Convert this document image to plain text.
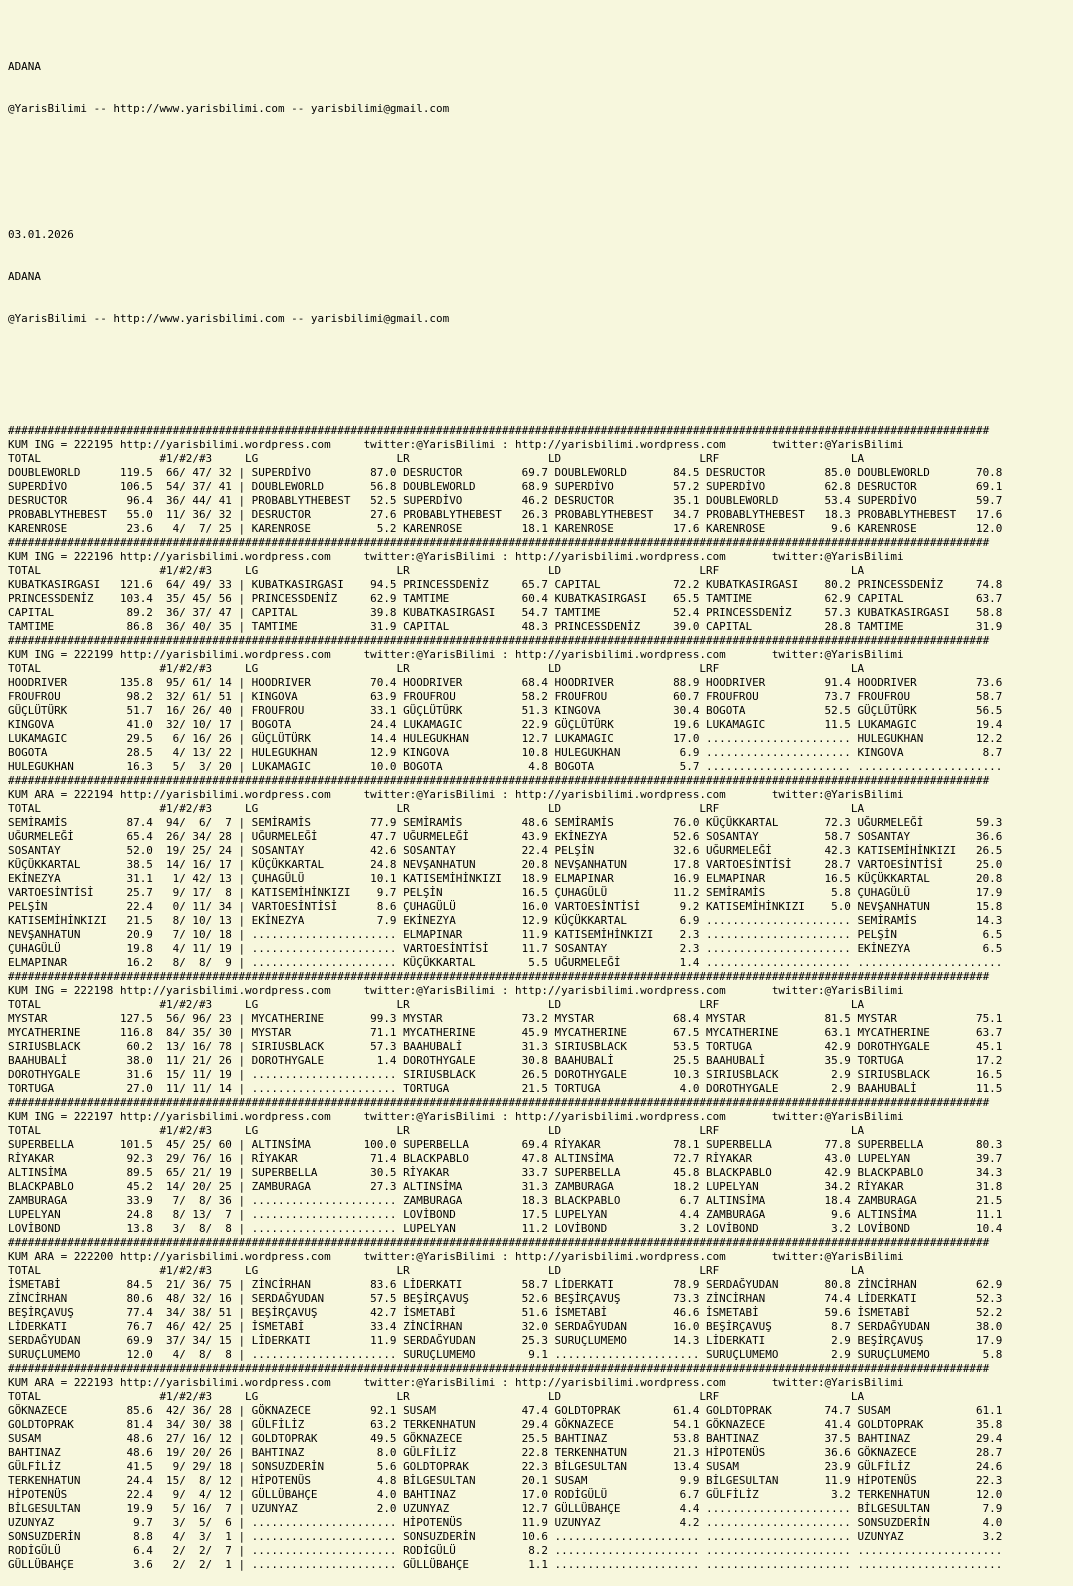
ADANA

@YarisBilimi -- http://www.yarisbilimi.com -- yarisbilimi@gmail.com

03.01.2026

ADANA

@YarisBilimi -- http://www.yarisbilimi.com -- yarisbilimi@gmail.com

#####################################################################################################################################################
KUM ING = 222195 http://yarisbilimi.wordpress.com     twitter:@YarisBilimi : http://yarisbilimi.wordpress.com       twitter:@YarisBilimi
TOTAL                  #1/#2/#3     LG                     LR                     LD                     LRF                    LA
DOUBLEWORLD      119.5  66/ 47/ 32 | SUPERDİVO         87.0 DESRUCTOR         69.7 DOUBLEWORLD       84.5 DESRUCTOR         85.0 DOUBLEWORLD       70.8
SUPERDİVO        106.5  54/ 37/ 41 | DOUBLEWORLD       56.8 DOUBLEWORLD       68.9 SUPERDİVO         57.2 SUPERDİVO         62.8 DESRUCTOR         69.1
DESRUCTOR         96.4  36/ 44/ 41 | PROBABLYTHEBEST   52.5 SUPERDİVO         46.2 DESRUCTOR         35.1 DOUBLEWORLD       53.4 SUPERDİVO         59.7
PROBABLYTHEBEST   55.0  11/ 36/ 32 | DESRUCTOR         27.6 PROBABLYTHEBEST   26.3 PROBABLYTHEBEST   34.7 PROBABLYTHEBEST   18.3 PROBABLYTHEBEST   17.6
KARENROSE         23.6   4/  7/ 25 | KARENROSE          5.2 KARENROSE         18.1 KARENROSE         17.6 KARENROSE          9.6 KARENROSE         12.0
#####################################################################################################################################################
KUM ING = 222196 http://yarisbilimi.wordpress.com     twitter:@YarisBilimi : http://yarisbilimi.wordpress.com       twitter:@YarisBilimi
TOTAL                  #1/#2/#3     LG                     LR                     LD                     LRF                    LA
KUBATKASIRGASI   121.6  64/ 49/ 33 | KUBATKASIRGASI    94.5 PRINCESSDENİZ     65.7 CAPITAL           72.2 KUBATKASIRGASI    80.2 PRINCESSDENİZ     74.8
PRINCESSDENİZ    103.4  35/ 45/ 56 | PRINCESSDENİZ     62.9 TAMTIME           60.4 KUBATKASIRGASI    65.5 TAMTIME           62.9 CAPITAL           63.7
CAPITAL           89.2  36/ 37/ 47 | CAPITAL           39.8 KUBATKASIRGASI    54.7 TAMTIME           52.4 PRINCESSDENİZ     57.3 KUBATKASIRGASI    58.8
TAMTIME           86.8  36/ 40/ 35 | TAMTIME           31.9 CAPITAL           48.3 PRINCESSDENİZ     39.0 CAPITAL           28.8 TAMTIME           31.9
#####################################################################################################################################################
KUM ING = 222199 http://yarisbilimi.wordpress.com     twitter:@YarisBilimi : http://yarisbilimi.wordpress.com       twitter:@YarisBilimi
TOTAL                  #1/#2/#3     LG                     LR                     LD                     LRF                    LA
HOODRIVER        135.8  95/ 61/ 14 | HOODRIVER         70.4 HOODRIVER         68.4 HOODRIVER         88.9 HOODRIVER         91.4 HOODRIVER         73.6
FROUFROU          98.2  32/ 61/ 51 | KINGOVA           63.9 FROUFROU          58.2 FROUFROU          60.7 FROUFROU          73.7 FROUFROU          58.7
GÜÇLÜTÜRK         51.7  16/ 26/ 40 | FROUFROU          33.1 GÜÇLÜTÜRK         51.3 KINGOVA           30.4 BOGOTA            52.5 GÜÇLÜTÜRK         56.5
KINGOVA           41.0  32/ 10/ 17 | BOGOTA            24.4 LUKAMAGIC         22.9 GÜÇLÜTÜRK         19.6 LUKAMAGIC         11.5 LUKAMAGIC         19.4
LUKAMAGIC         29.5   6/ 16/ 26 | GÜÇLÜTÜRK         14.4 HULEGUKHAN        12.7 LUKAMAGIC         17.0 ...................... HULEGUKHAN        12.2
BOGOTA            28.5   4/ 13/ 22 | HULEGUKHAN        12.9 KINGOVA           10.8 HULEGUKHAN         6.9 ...................... KINGOVA            8.7
HULEGUKHAN        16.3   5/  3/ 20 | LUKAMAGIC         10.0 BOGOTA             4.8 BOGOTA             5.7 ...................... ......................
#####################################################################################################################################################
KUM ARA = 222194 http://yarisbilimi.wordpress.com     twitter:@YarisBilimi : http://yarisbilimi.wordpress.com       twitter:@YarisBilimi
TOTAL                  #1/#2/#3     LG                     LR                     LD                     LRF                    LA
SEMİRAMİS         87.4  94/  6/  7 | SEMİRAMİS         77.9 SEMİRAMİS         48.6 SEMİRAMİS         76.0 KÜÇÜKKARTAL       72.3 UĞURMELEĞİ        59.3
UĞURMELEĞİ        65.4  26/ 34/ 28 | UĞURMELEĞİ        47.7 UĞURMELEĞİ        43.9 EKİNEZYA          52.6 SOSANTAY          58.7 SOSANTAY          36.6
SOSANTAY          52.0  19/ 25/ 24 | SOSANTAY          42.6 SOSANTAY          22.4 PELŞİN            32.6 UĞURMELEĞİ        42.3 KATISEMİHİNKIZI   26.5
KÜÇÜKKARTAL       38.5  14/ 16/ 17 | KÜÇÜKKARTAL       24.8 NEVŞANHATUN       20.8 NEVŞANHATUN       17.8 VARTOESİNTİSİ     28.7 VARTOESİNTİSİ     25.0
EKİNEZYA          31.1   1/ 42/ 13 | ÇUHAGÜLÜ          10.1 KATISEMİHİNKIZI   18.9 ELMAPINAR         16.9 ELMAPINAR         16.5 KÜÇÜKKARTAL       20.8
VARTOESİNTİSİ     25.7   9/ 17/  8 | KATISEMİHİNKIZI    9.7 PELŞİN            16.5 ÇUHAGÜLÜ          11.2 SEMİRAMİS          5.8 ÇUHAGÜLÜ          17.9
PELŞİN            22.4   0/ 11/ 34 | VARTOESİNTİSİ      8.6 ÇUHAGÜLÜ          16.0 VARTOESİNTİSİ      9.2 KATISEMİHİNKIZI    5.0 NEVŞANHATUN       15.8
KATISEMİHİNKIZI   21.5   8/ 10/ 13 | EKİNEZYA           7.9 EKİNEZYA          12.9 KÜÇÜKKARTAL        6.9 ...................... SEMİRAMİS         14.3
NEVŞANHATUN       20.9   7/ 10/ 18 | ...................... ELMAPINAR         11.9 KATISEMİHİNKIZI    2.3 ...................... PELŞİN             6.5
ÇUHAGÜLÜ          19.8   4/ 11/ 19 | ...................... VARTOESİNTİSİ     11.7 SOSANTAY           2.3 ...................... EKİNEZYA           6.5
ELMAPINAR         16.2   8/  8/  9 | ...................... KÜÇÜKKARTAL        5.5 UĞURMELEĞİ         1.4 ...................... ......................
#####################################################################################################################################################
KUM ING = 222198 http://yarisbilimi.wordpress.com     twitter:@YarisBilimi : http://yarisbilimi.wordpress.com       twitter:@YarisBilimi
TOTAL                  #1/#2/#3     LG                     LR                     LD                     LRF                    LA
MYSTAR           127.5  56/ 96/ 23 | MYCATHERINE       99.3 MYSTAR            73.2 MYSTAR            68.4 MYSTAR            81.5 MYSTAR            75.1
MYCATHERINE      116.8  84/ 35/ 30 | MYSTAR            71.1 MYCATHERINE       45.9 MYCATHERINE       67.5 MYCATHERINE       63.1 MYCATHERINE       63.7
SIRIUSBLACK       60.2  13/ 16/ 78 | SIRIUSBLACK       57.3 BAAHUBALİ         31.3 SIRIUSBLACK       53.5 TORTUGA           42.9 DOROTHYGALE       45.1
BAAHUBALİ         38.0  11/ 21/ 26 | DOROTHYGALE        1.4 DOROTHYGALE       30.8 BAAHUBALİ         25.5 BAAHUBALİ         35.9 TORTUGA           17.2
DOROTHYGALE       31.6  15/ 11/ 19 | ...................... SIRIUSBLACK       26.5 DOROTHYGALE       10.3 SIRIUSBLACK        2.9 SIRIUSBLACK       16.5
TORTUGA           27.0  11/ 11/ 14 | ...................... TORTUGA           21.5 TORTUGA            4.0 DOROTHYGALE        2.9 BAAHUBALİ         11.5
#####################################################################################################################################################
KUM ING = 222197 http://yarisbilimi.wordpress.com     twitter:@YarisBilimi : http://yarisbilimi.wordpress.com       twitter:@YarisBilimi
TOTAL                  #1/#2/#3     LG                     LR                     LD                     LRF                    LA
SUPERBELLA       101.5  45/ 25/ 60 | ALTINSİMA        100.0 SUPERBELLA        69.4 RİYAKAR           78.1 SUPERBELLA        77.8 SUPERBELLA        80.3
RİYAKAR           92.3  29/ 76/ 16 | RİYAKAR           71.4 BLACKPABLO        47.8 ALTINSİMA         72.7 RİYAKAR           43.0 LUPELYAN          39.7
ALTINSİMA         89.5  65/ 21/ 19 | SUPERBELLA        30.5 RİYAKAR           33.7 SUPERBELLA        45.8 BLACKPABLO        42.9 BLACKPABLO        34.3
BLACKPABLO        45.2  14/ 20/ 25 | ZAMBURAGA         27.3 ALTINSİMA         31.3 ZAMBURAGA         18.2 LUPELYAN          34.2 RİYAKAR           31.8
ZAMBURAGA         33.9   7/  8/ 36 | ...................... ZAMBURAGA         18.3 BLACKPABLO         6.7 ALTINSİMA         18.4 ZAMBURAGA         21.5
LUPELYAN          24.8   8/ 13/  7 | ...................... LOVİBOND          17.5 LUPELYAN           4.4 ZAMBURAGA          9.6 ALTINSİMA         11.1
LOVİBOND          13.8   3/  8/  8 | ...................... LUPELYAN          11.2 LOVİBOND           3.2 LOVİBOND           3.2 LOVİBOND          10.4
#####################################################################################################################################################
KUM ARA = 222200 http://yarisbilimi.wordpress.com     twitter:@YarisBilimi : http://yarisbilimi.wordpress.com       twitter:@YarisBilimi
TOTAL                  #1/#2/#3     LG                     LR                     LD                     LRF                    LA
İSMETABİ          84.5  21/ 36/ 75 | ZİNCİRHAN         83.6 LİDERKATI         58.7 LİDERKATI         78.9 SERDAĞYUDAN       80.8 ZİNCİRHAN         62.9
ZİNCİRHAN         80.6  48/ 32/ 16 | SERDAĞYUDAN       57.5 BEŞİRÇAVUŞ        52.6 BEŞİRÇAVUŞ        73.3 ZİNCİRHAN         74.4 LİDERKATI         52.3
BEŞİRÇAVUŞ        77.4  34/ 38/ 51 | BEŞİRÇAVUŞ        42.7 İSMETABİ          51.6 İSMETABİ          46.6 İSMETABİ          59.6 İSMETABİ          52.2
LİDERKATI         76.7  46/ 42/ 25 | İSMETABİ          33.4 ZİNCİRHAN         32.0 SERDAĞYUDAN       16.0 BEŞİRÇAVUŞ         8.7 SERDAĞYUDAN       38.0
SERDAĞYUDAN       69.9  37/ 34/ 15 | LİDERKATI         11.9 SERDAĞYUDAN       25.3 SURUÇLUMEMO       14.3 LİDERKATI          2.9 BEŞİRÇAVUŞ        17.9
SURUÇLUMEMO       12.0   4/  8/  8 | ...................... SURUÇLUMEMO        9.1 ...................... SURUÇLUMEMO        2.9 SURUÇLUMEMO        5.8
#####################################################################################################################################################
KUM ARA = 222193 http://yarisbilimi.wordpress.com     twitter:@YarisBilimi : http://yarisbilimi.wordpress.com       twitter:@YarisBilimi
TOTAL                  #1/#2/#3     LG                     LR                     LD                     LRF                    LA
GÖKNAZECE         85.6  42/ 36/ 28 | GÖKNAZECE         92.1 SUSAM             47.4 GOLDTOPRAK        61.4 GOLDTOPRAK        74.7 SUSAM             61.1
GOLDTOPRAK        81.4  34/ 30/ 38 | GÜLFİLİZ          63.2 TERKENHATUN       29.4 GÖKNAZECE         54.1 GÖKNAZECE         41.4 GOLDTOPRAK        35.8
SUSAM             48.6  27/ 16/ 12 | GOLDTOPRAK        49.5 GÖKNAZECE         25.5 BAHTINAZ          53.8 BAHTINAZ          37.5 BAHTINAZ          29.4
BAHTINAZ          48.6  19/ 20/ 26 | BAHTINAZ           8.0 GÜLFİLİZ          22.8 TERKENHATUN       21.3 HİPOTENÜS         36.6 GÖKNAZECE         28.7
GÜLFİLİZ          41.5   9/ 29/ 18 | SONSUZDERİN        5.6 GOLDTOPRAK        22.3 BİLGESULTAN       13.4 SUSAM             23.9 GÜLFİLİZ          24.6
TERKENHATUN       24.4  15/  8/ 12 | HİPOTENÜS          4.8 BİLGESULTAN       20.1 SUSAM              9.9 BİLGESULTAN       11.9 HİPOTENÜS         22.3
HİPOTENÜS         22.4   9/  4/ 12 | GÜLLÜBAHÇE         4.0 BAHTINAZ          17.0 RODİGÜLÜ           6.7 GÜLFİLİZ           3.2 TERKENHATUN       12.0
BİLGESULTAN       19.9   5/ 16/  7 | UZUNYAZ            2.0 UZUNYAZ           12.7 GÜLLÜBAHÇE         4.4 ...................... BİLGESULTAN        7.9
UZUNYAZ            9.7   3/  5/  6 | ...................... HİPOTENÜS         11.9 UZUNYAZ            4.2 ...................... SONSUZDERİN        4.0
SONSUZDERİN        8.8   4/  3/  1 | ...................... SONSUZDERİN       10.6 ...................... ...................... UZUNYAZ            3.2
RODİGÜLÜ           6.4   2/  2/  7 | ...................... RODİGÜLÜ           8.2 ...................... ...................... ......................
GÜLLÜBAHÇE         3.6   2/  2/  1 | ...................... GÜLLÜBAHÇE         1.1 ...................... ...................... ......................
